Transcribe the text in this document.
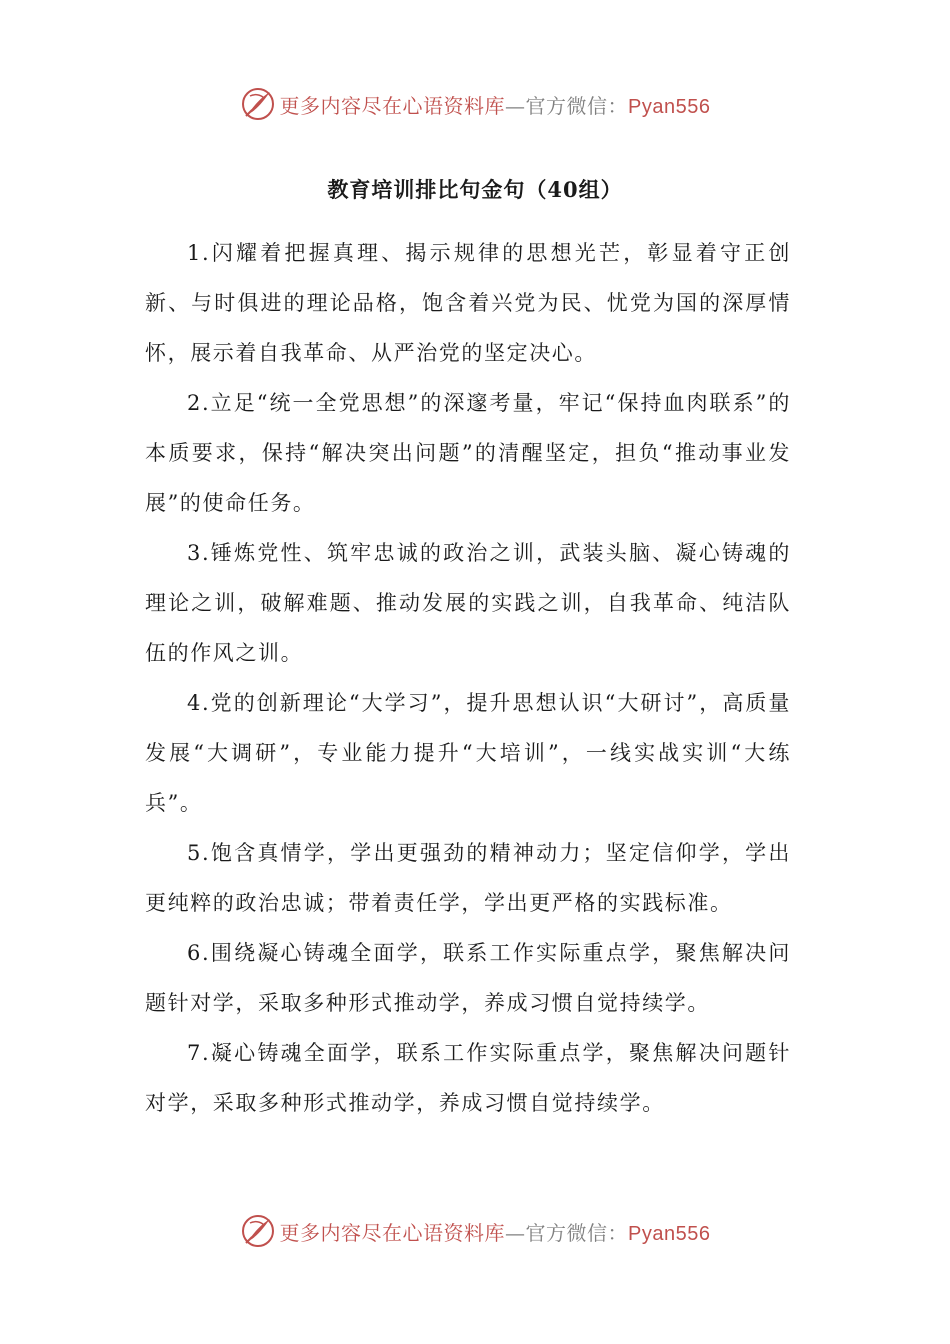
更多内容尽在心语资料库—官方微信：Pyan556
教育培训排比句金句（40组）

1.闪耀着把握真理、揭示规律的思想光芒，彰显着守正创新、与时俱进的理论品格，饱含着兴党为民、忧党为国的深厚情怀，展示着自我革命、从严治党的坚定决心。

2.立足“统一全党思想”的深邃考量，牢记“保持血肉联系”的本质要求，保持“解决突出问题”的清醒坚定，担负“推动事业发展”的使命任务。

3.锤炼党性、筑牢忠诚的政治之训，武装头脑、凝心铸魂的理论之训，破解难题、推动发展的实践之训，自我革命、纯洁队伍的作风之训。

4.党的创新理论“大学习”，提升思想认识“大研讨”，高质量发展“大调研”，专业能力提升“大培训”，一线实战实训“大练兵”。

5.饱含真情学，学出更强劲的精神动力；坚定信仰学，学出更纯粹的政治忠诚；带着责任学，学出更严格的实践标准。

6.围绕凝心铸魂全面学，联系工作实际重点学，聚焦解决问题针对学，采取多种形式推动学，养成习惯自觉持续学。

7.凝心铸魂全面学，联系工作实际重点学，聚焦解决问题针对学，采取多种形式推动学，养成习惯自觉持续学。

更多内容尽在心语资料库—官方微信：Pyan556
